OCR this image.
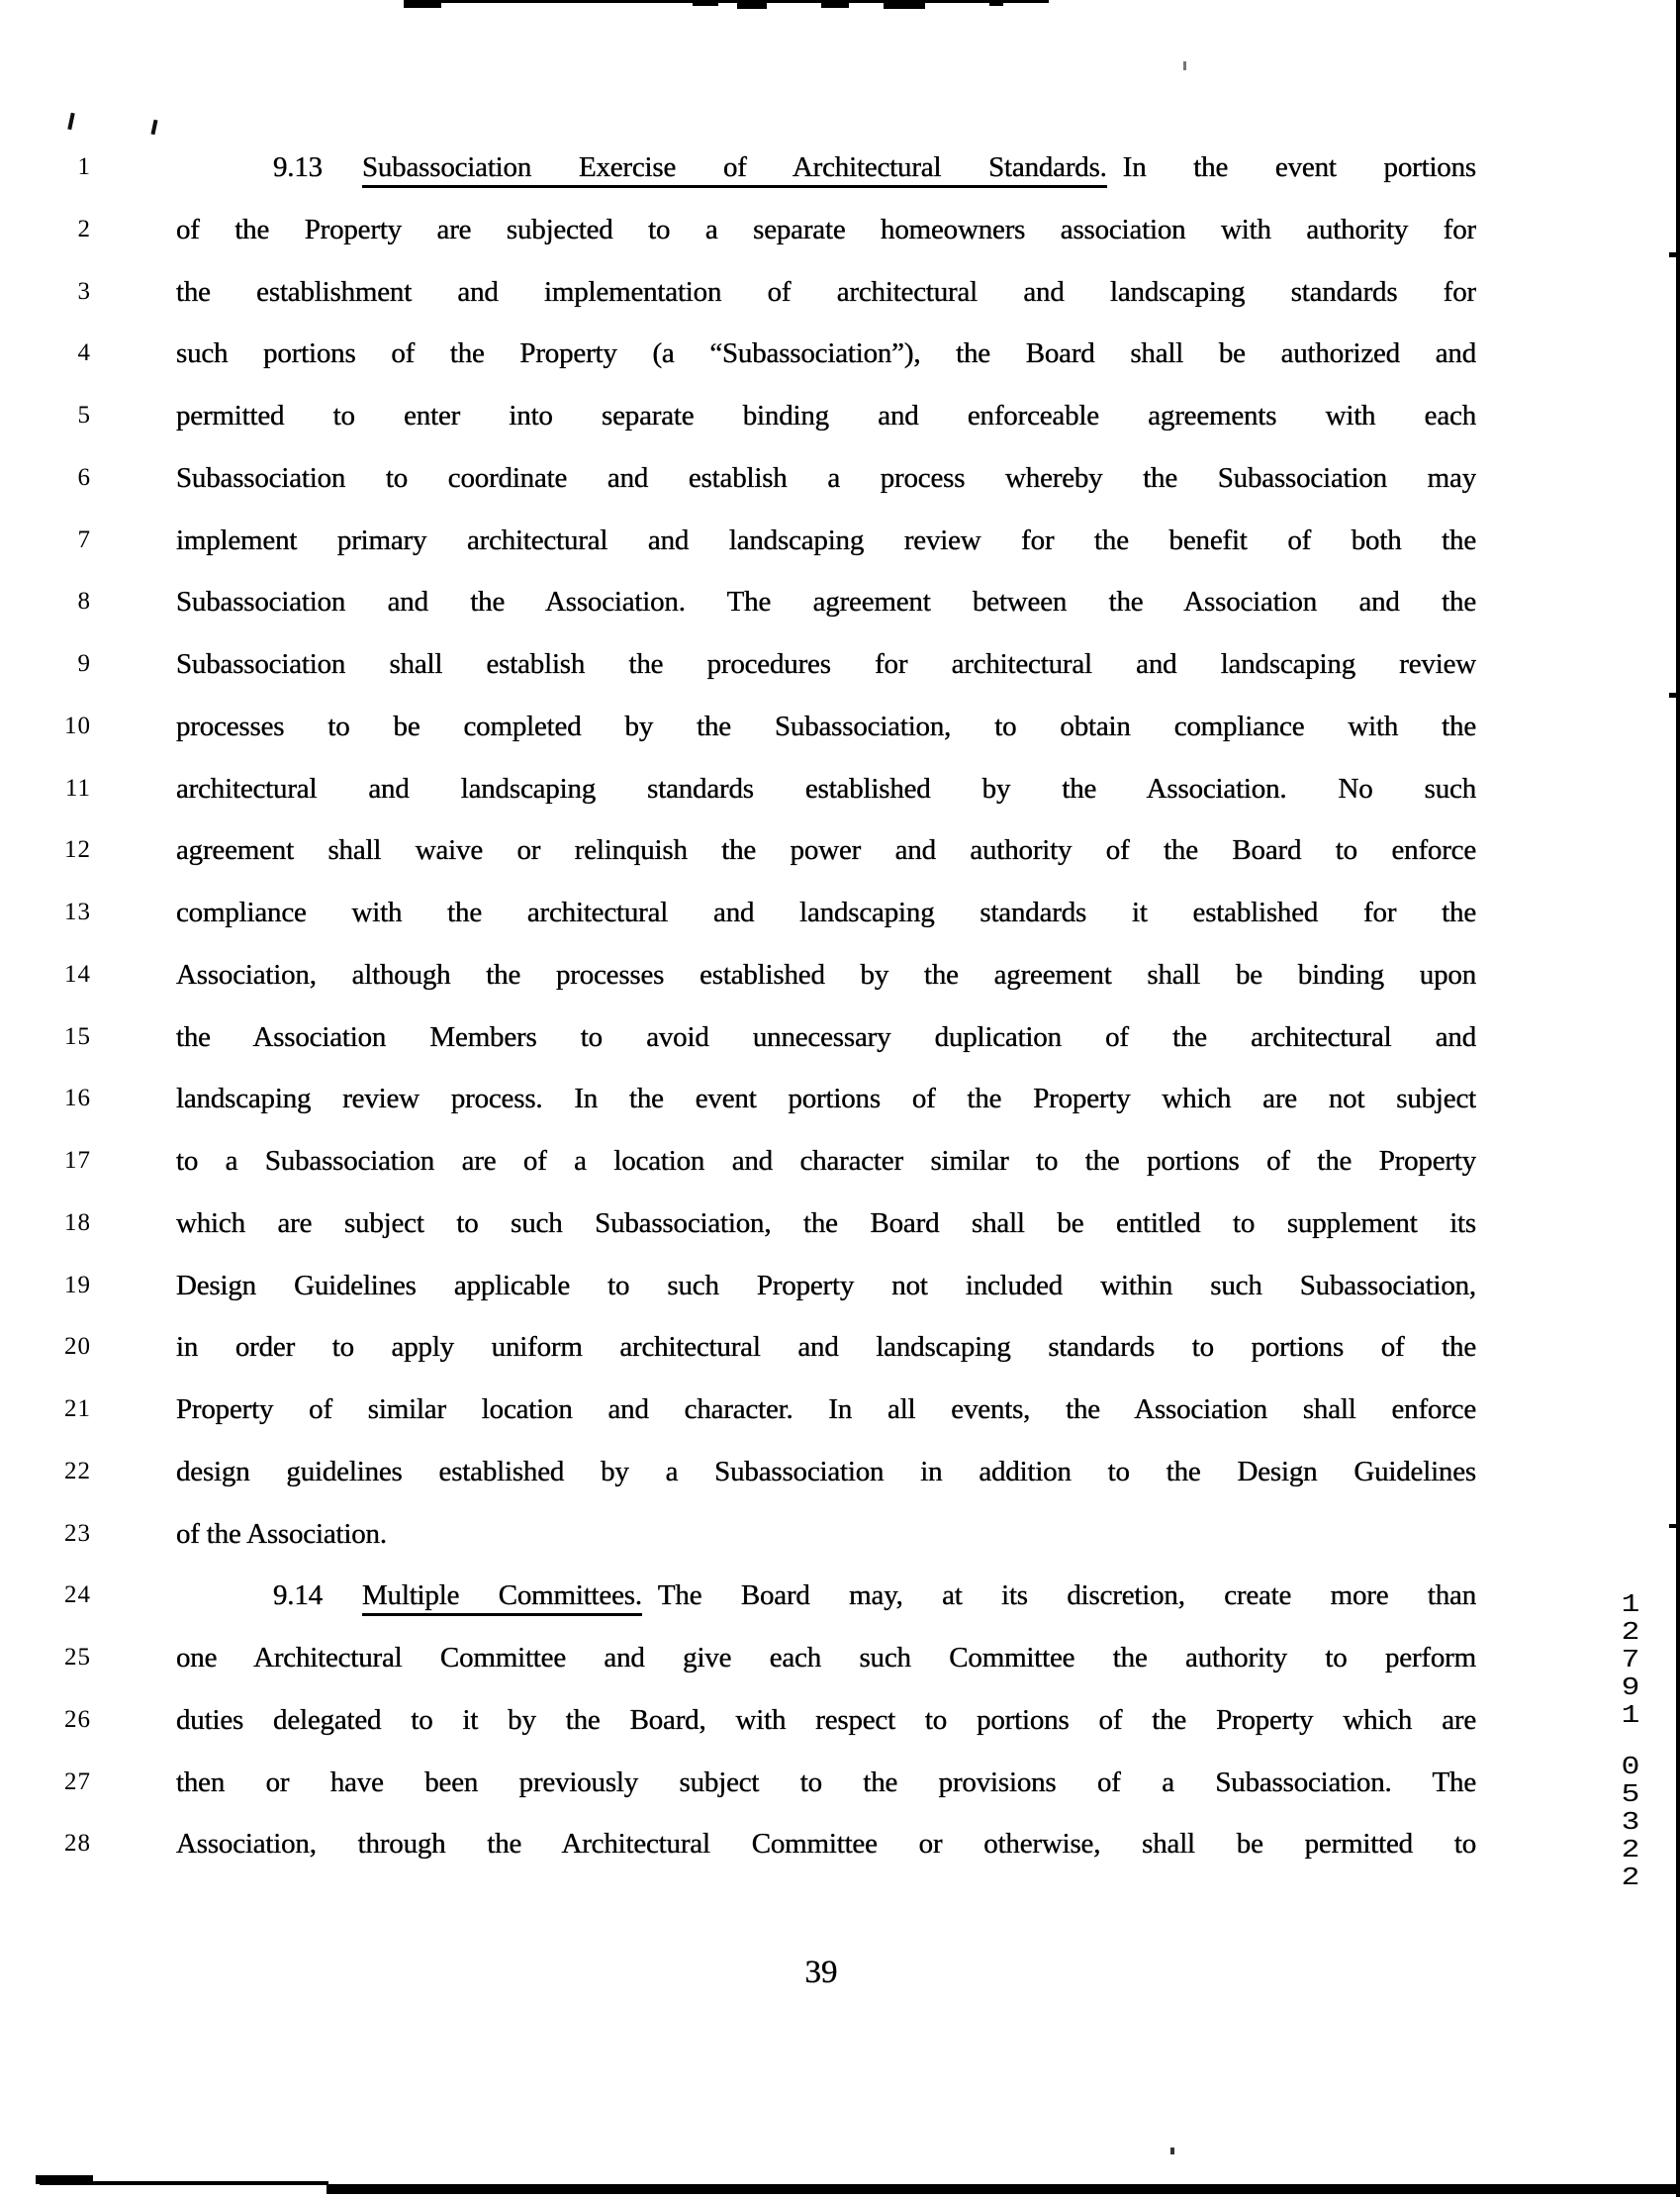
1	9.13 Subassociation Exercise of Architectural Standards. In the event portions
2	of the Property are subjected to a separate homeowners association with authority for
3	the establishment and implementation of architectural and landscaping standards for
4	such portions of the Property (a “Subassociation”), the Board shall be authorized and
5	permitted to enter into separate binding and enforceable agreements with each
6	Subassociation to coordinate and establish a process whereby the Subassociation may
7	implement primary architectural and landscaping review for the benefit of both the
8	Subassociation and the Association. The agreement between the Association and the
9	Subassociation shall establish the procedures for architectural and landscaping review
10	processes to be completed by the Subassociation, to obtain compliance with the
11	architectural and landscaping standards established by the Association. No such
12	agreement shall waive or relinquish the power and authority of the Board to enforce
13	compliance with the architectural and landscaping standards it established for the
14	Association, although the processes established by the agreement shall be binding upon
15	the Association Members to avoid unnecessary duplication of the architectural and
16	landscaping review process. In the event portions of the Property which are not subject
17	to a Subassociation are of a location and character similar to the portions of the Property
18	which are subject to such Subassociation, the Board shall be entitled to supplement its
19	Design Guidelines applicable to such Property not included within such Subassociation,
20	in order to apply uniform architectural and landscaping standards to portions of the
21	Property of similar location and character. In all events, the Association shall enforce
22	design guidelines established by a Subassociation in addition to the Design Guidelines
23	of the Association.
24	9.14 Multiple Committees. The Board may, at its discretion, create more than
25	one Architectural Committee and give each such Committee the authority to perform
26	duties delegated to it by the Board, with respect to portions of the Property which are
27	then or have been previously subject to the provisions of a Subassociation. The
28	Association, through the Architectural Committee or otherwise, shall be permitted to
39
12791
05322
